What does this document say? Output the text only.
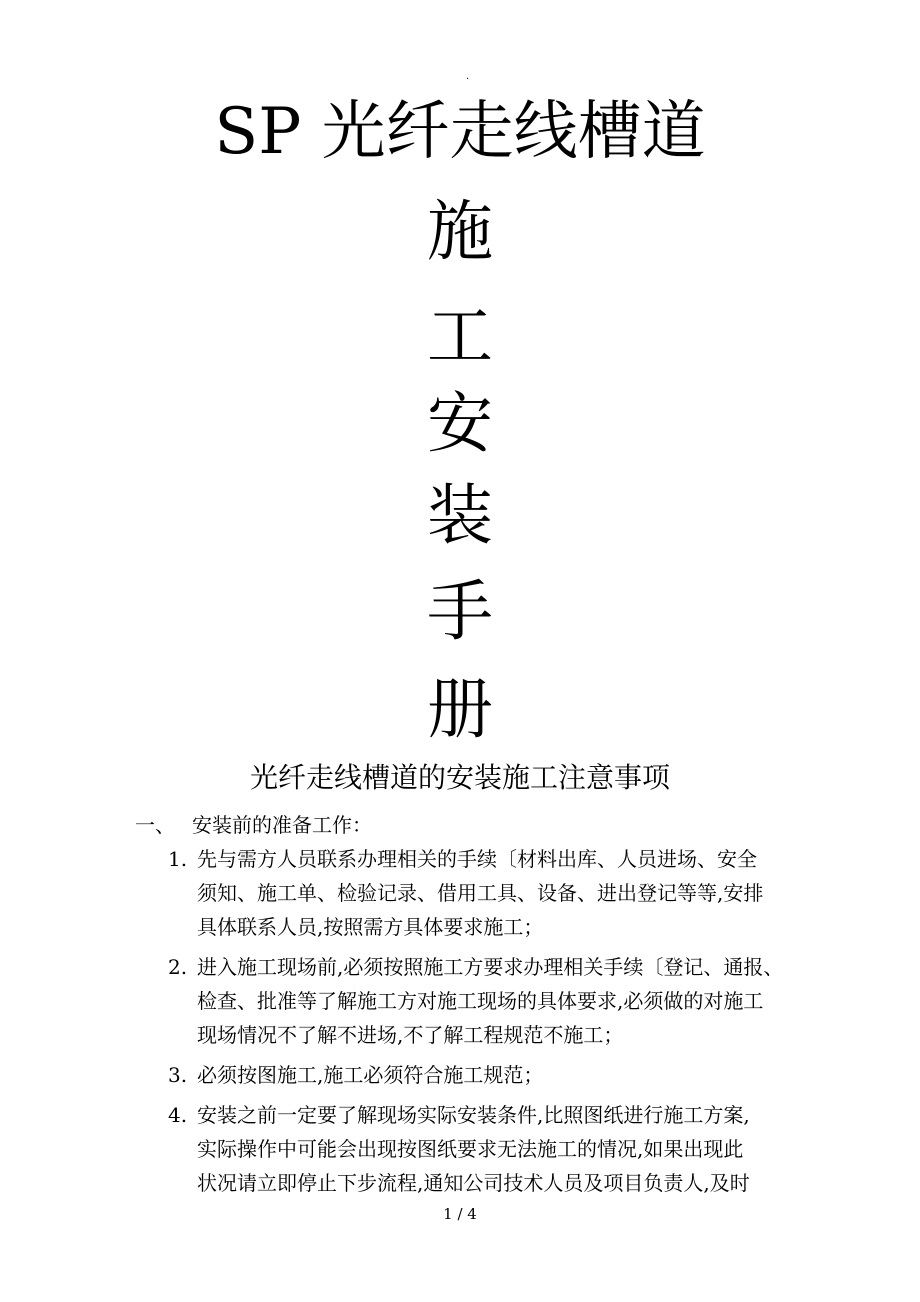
.
SP 光纤走线槽道
施
工
安
装
手
册
光纤走线槽道的安装施工注意事项
一、 安装前的准备工作：
1. 先与需方人员联系办理相关的手续〔材料出库、人员进场、安全
须知、施工单、检验记录、借用工具、设备、进出登记等等,安排
具体联系人员,按照需方具体要求施工；
2. 进入施工现场前,必须按照施工方要求办理相关手续〔登记、通报、
检查、批准等了解施工方对施工现场的具体要求,必须做的对施工
现场情况不了解不进场,不了解工程规范不施工；
3. 必须按图施工,施工必须符合施工规范；
4. 安装之前一定要了解现场实际安装条件,比照图纸进行施工方案,
实际操作中可能会出现按图纸要求无法施工的情况,如果出现此
状况请立即停止下步流程,通知公司技术人员及项目负责人,及时
1 / 4
